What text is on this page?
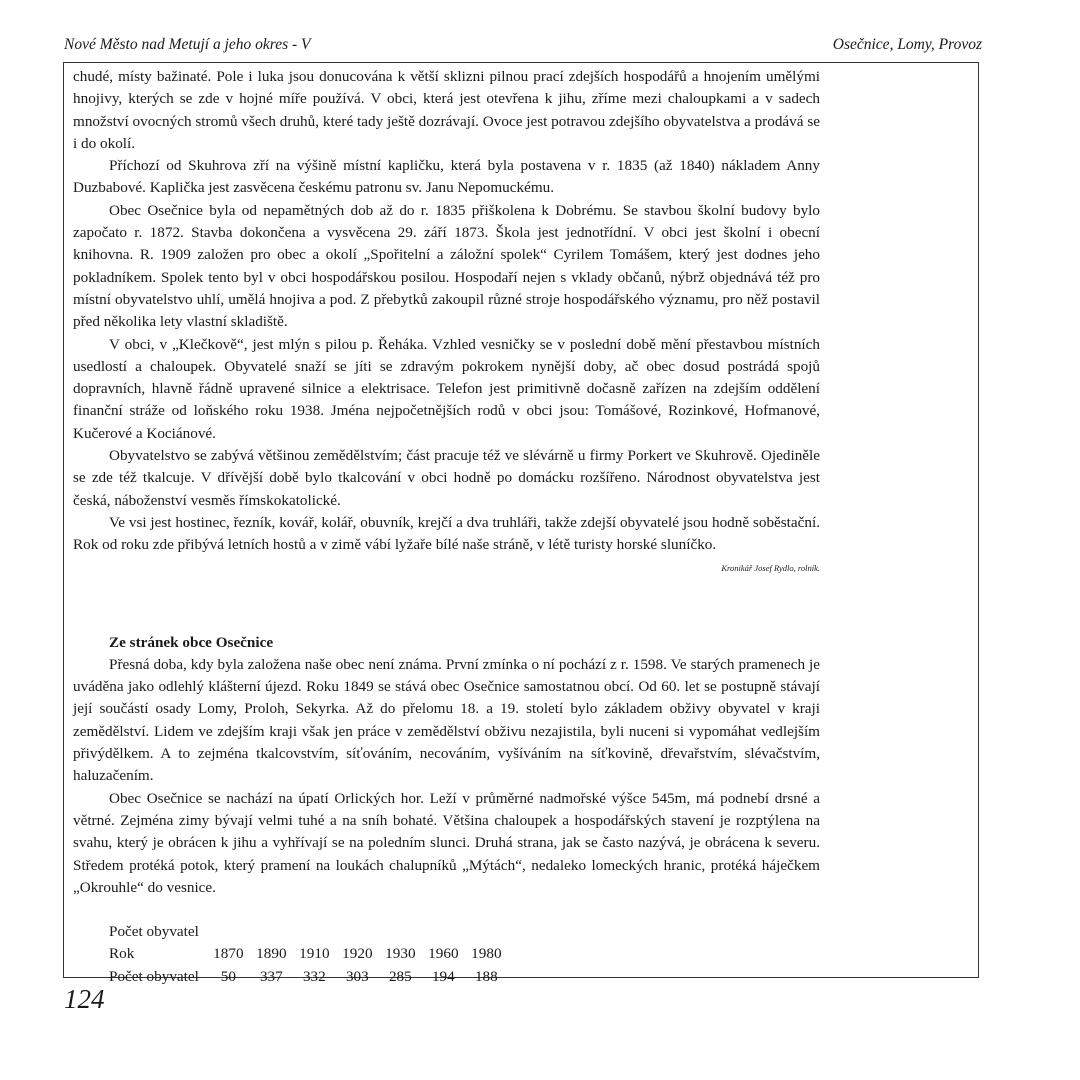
Nové Město nad Metují a jeho okres - V	Osečnice, Lomy, Provoz

chudé, místy bažinaté. Pole i luka jsou donucována k větší sklizni pilnou prací zdejších hospodářů a hnojením umělými hnojivy, kterých se zde v hojné míře používá. V obci, která jest otevřena k jihu, zříme mezi chaloupkami a v sadech množství ovocných stromů všech druhů, které tady ještě dozrávají. Ovoce jest potravou zdejšího obyvatelstva a prodává se i do okolí.

Příchozí od Skuhrova zří na výšině místní kapličku, která byla postavena v r. 1835 (až 1840) nákladem Anny Duzbabové. Kaplička jest zasvěcena českému patronu sv. Janu Nepomuckému.

Obec Osečnice byla od nepamětných dob až do r. 1835 přiškolena k Dobrému. Se stavbou školní budovy bylo započato r. 1872. Stavba dokončena a vysvěcena 29. září 1873. Škola jest jednotřídní. V obci jest školní i obecní knihovna. R. 1909 založen pro obec a okolí „Spořitelní a záložní spolek“ Cyrilem Tomášem, který jest dodnes jeho pokladníkem. Spolek tento byl v obci hospodářskou posilou. Hospodaří nejen s vklady občanů, nýbrž objednává též pro místní obyvatelstvo uhlí, umělá hnojiva a pod. Z přebytků zakoupil různé stroje hospodářského významu, pro něž postavil před několika lety vlastní skladiště.

V obci, v „Klečkově“, jest mlýn s pilou p. Řeháka. Vzhled vesničky se v poslední době mění přestavbou místních usedlostí a chaloupek. Obyvatelé snaží se jíti se zdravým pokrokem nynější doby, ač obec dosud postrádá spojů dopravních, hlavně řádně upravené silnice a elektrisace. Telefon jest primitivně dočasně zařízen na zdejším oddělení finanční stráže od loňského roku 1938. Jména nejpočetnějších rodů v obci jsou: Tomášové, Rozinkové, Hofmanové, Kučerové a Kociánové.

Obyvatelstvo se zabývá většinou zemědělstvím; část pracuje též ve slévárně u firmy Porkert ve Skuhrově. Ojediněle se zde též tkalcuje. V dřívější době bylo tkalcování v obci hodně po domácku rozšířeno. Národnost obyvatelstva jest česká, náboženství vesměs římskokatolické.

Ve vsi jest hostinec, řezník, kovář, kolář, obuvník, krejčí a dva truhláři, takže zdejší obyvatelé jsou hodně soběstační. Rok od roku zde přibývá letních hostů a v zimě vábí lyžaře bílé naše stráně, v létě turisty horské sluníčko.

Kronikář Josef Rydlo, rolník.

Ze stránek obce Osečnice

Přesná doba, kdy byla založena naše obec není známa. První zmínka o ní pochází z r. 1598. Ve starých pramenech je uváděna jako odlehlý klášterní újezd. Roku 1849 se stává obec Osečnice samostatnou obcí. Od 60. let se postupně stávají její součástí osady Lomy, Proloh, Sekyrka. Až do přelomu 18. a 19. století bylo základem obživy obyvatel v kraji zemědělství. Lidem ve zdejším kraji však jen práce v zemědělství obživu nezajistila, byli nuceni si vypomáhat vedlejším přivýdělkem. A to zejména tkalcovstvím, síťováním, necováním, vyšíváním na síťkovině, dřevařstvím, slévačstvím, haluzačením.

Obec Osečnice se nachází na úpatí Orlických hor. Leží v průměrné nadmořské výšce 545m, má podnebí drsné a větrné. Zejména zimy bývají velmi tuhé a na sníh bohaté. Většina chaloupek a hospodářských stavení je rozptýlena na svahu, který je obrácen k jihu a vyhřívají se na poledním slunci. Druhá strana, jak se často nazývá, je obrácena k severu. Středem protéká potok, který pramení na loukách chalupníků „Mýtách“, nedaleko lomeckých hranic, protéká háječkem „Okrouhle“ do vesnice.

Počet obyvatel

Rok	1870	1890	1910	1920	1930	1960	1980
Počet obyvatel	50	337	332	303	285	194	188
124
